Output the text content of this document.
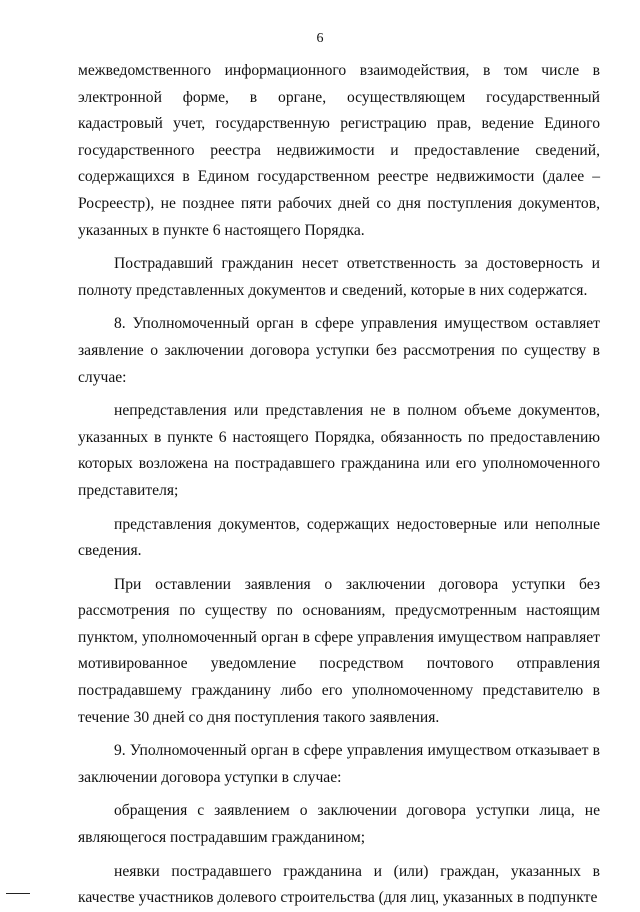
6

межведомственного информационного взаимодействия, в том числе в электронной форме, в органе, осуществляющем государственный кадастровый учет, государственную регистрацию прав, ведение Единого государственного реестра недвижимости и предоставление сведений, содержащихся в Едином государственном реестре недвижимости (далее – Росреестр), не позднее пяти рабочих дней со дня поступления документов, указанных в пункте 6 настоящего Порядка.

Пострадавший гражданин несет ответственность за достоверность и полноту представленных документов и сведений, которые в них содержатся.

8. Уполномоченный орган в сфере управления имуществом оставляет заявление о заключении договора уступки без рассмотрения по существу в случае:

непредставления или представления не в полном объеме документов, указанных в пункте 6 настоящего Порядка, обязанность по предоставлению которых возложена на пострадавшего гражданина или его уполномоченного представителя;

представления документов, содержащих недостоверные или неполные сведения.

При оставлении заявления о заключении договора уступки без рассмотрения по существу по основаниям, предусмотренным настоящим пунктом, уполномоченный орган в сфере управления имуществом направляет мотивированное уведомление посредством почтового отправления пострадавшему гражданину либо его уполномоченному представителю в течение 30 дней со дня поступления такого заявления.

9. Уполномоченный орган в сфере управления имуществом отказывает в заключении договора уступки в случае:

обращения с заявлением о заключении договора уступки лица, не являющегося пострадавшим гражданином;

неявки пострадавшего гражданина и (или) граждан, указанных в качестве участников долевого строительства (для лиц, указанных в подпункте
